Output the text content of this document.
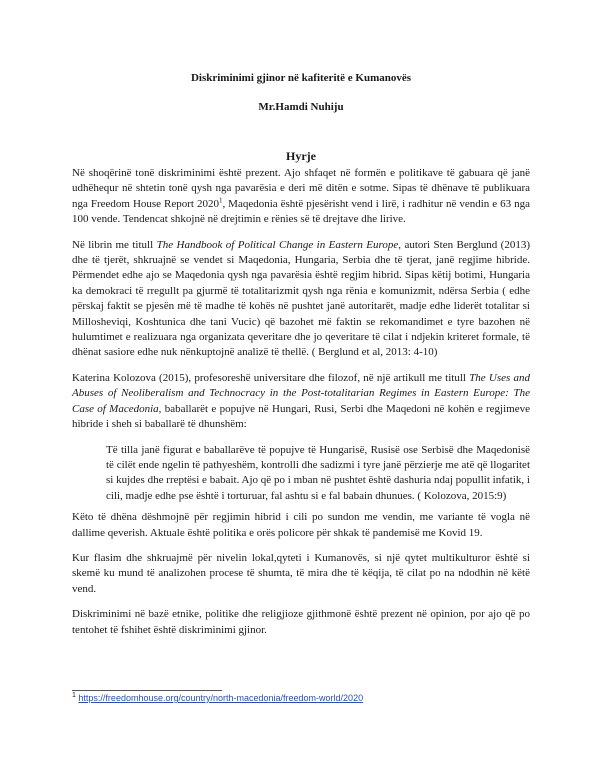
Diskriminimi gjinor në kafiteritë e Kumanovës
Mr.Hamdi Nuhiju
Hyrje

Në shoqërinë tonë diskriminimi është prezent. Ajo shfaqet në formën e politikave të gabuara që janë udhëhequr në shtetin tonë qysh nga pavarësia e deri më ditën e sotme. Sipas të dhënave të publikuara nga Freedom House Report 2020$^1$, Maqedonia është pjesërisht vend i lirë, i radhitur në vendin e 63 nga 100 vende. Tendencat shkojnë në drejtimin e rënies së të drejtave dhe lirive.

Në librin me titull The Handbook of Political Change in Eastern Europe, autori Sten Berglund (2013) dhe të tjerët, shkruajnë se vendet si Maqedonia, Hungaria, Serbia dhe të tjerat, janë regjime hibride. Përmendet edhe ajo se Maqedonia qysh nga pavarësia është regjim hibrid. Sipas këtij botimi, Hungaria ka demokraci të rregullt pa gjurmë të totalitarizmit qysh nga rënia e komunizmit, ndërsa Serbia ( edhe përskaj faktit se pjesën më të madhe të kohës në pushtet janë autoritarët, madje edhe liderët totalitar si Millosheviqi, Koshtunica dhe tani Vucic) që bazohet më faktin se rekomandimet e tyre bazohen në hulumtimet e realizuara nga organizata qeveritare dhe jo qeveritare të cilat i ndjekin kriteret formale, të dhënat sasiore edhe nuk nënkuptojnë analizë të thellë. ( Berglund et al, 2013: 4-10)

Katerina Kolozova (2015), profesoreshë universitare dhe filozof, në një artikull me titull The Uses and Abuses of Neoliberalism and Technocracy in the Post-totalitarian Regimes in Eastern Europe: The Case of Macedonia, baballarët e popujve në Hungari, Rusi, Serbi dhe Maqedoni në kohën e regjimeve hibride i sheh si baballarë të dhunshëm:

Të tilla janë figurat e baballarëve të popujve të Hungarisë, Rusisë ose Serbisë dhe Maqedonisë të cilët ende ngelin të pathyeshëm, kontrolli dhe sadizmi i tyre janë përzierje me atë që llogaritet si kujdes dhe rreptësi e babait. Ajo që po i mban në pushtet është dashuria ndaj popullit infatik, i cili, madje edhe pse është i torturuar, fal ashtu si e fal babain dhunues. ( Kolozova, 2015:9)

Këto të dhëna dëshmojnë për regjimin hibrid i cili po sundon me vendin, me variante të vogla në dallime qeverish. Aktuale është politika e orës policore për shkak të pandemisë me Kovid 19.

Kur flasim dhe shkruajmë për nivelin lokal,qyteti i Kumanovës, si një qytet multikulturor është si skemë ku mund të analizohen procese të shumta, të mira dhe të këqija, të cilat po na ndodhin në këtë vend.

Diskriminimi në bazë etnike, politike dhe religjioze gjithmonë është prezent në opinion, por ajo që po tentohet të fshihet është diskriminimi gjinor.

$^1$ https://freedomhouse.org/country/north-macedonia/freedom-world/2020
